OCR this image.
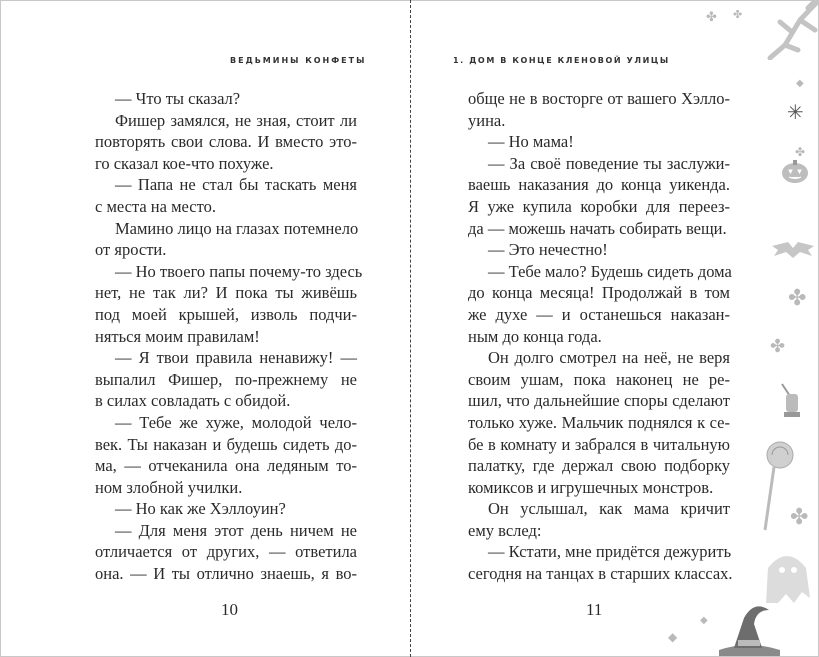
ВЕДЬМИНЫ КОНФЕТЫ	1. ДОМ В КОНЦЕ КЛЕНОВОЙ УЛИЦЫ
— Что ты сказал?
Фишер замялся, не зная, стоит ли
повторять свои слова. И вместо это-
го сказал кое-что похуже.
— Папа не стал бы таскать меня
с места на место.
Мамино лицо на глазах потемнело
от ярости.
— Но твоего папы почему-то здесь
нет, не так ли? И пока ты живёшь
под моей крышей, изволь подчи-
няться моим правилам!
— Я твои правила ненавижу! —
выпалил Фишер, по-прежнему не
в силах совладать с обидой.
— Тебе же хуже, молодой чело-
век. Ты наказан и будешь сидеть до-
ма, — отчеканила она ледяным то-
ном злобной училки.
— Но как же Хэллоуин?
— Для меня этот день ничем не
отличается от других, — ответила
она. — И ты отлично знаешь, я во-
обще не в восторге от вашего Хэлло-
уина.
— Но мама!
— За своё поведение ты заслужи-
ваешь наказания до конца уикенда.
Я уже купила коробки для переез-
да — можешь начать собирать вещи.
— Это нечестно!
— Тебе мало? Будешь сидеть дома
до конца месяца! Продолжай в том
же духе — и останешься наказан-
ным до конца года.
Он долго смотрел на неё, не веря
своим ушам, пока наконец не ре-
шил, что дальнейшие споры сделают
только хуже. Мальчик поднялся к се-
бе в комнату и забрался в читальную
палатку, где держал свою подборку
комиксов и игрушечных монстров.
Он услышал, как мама кричит
ему вслед:
— Кстати, мне придётся дежурить
сегодня на танцах в старших классах.
10	11
✤ ✤
◆
✳
✤
✤
✤
✤
◆
◆
